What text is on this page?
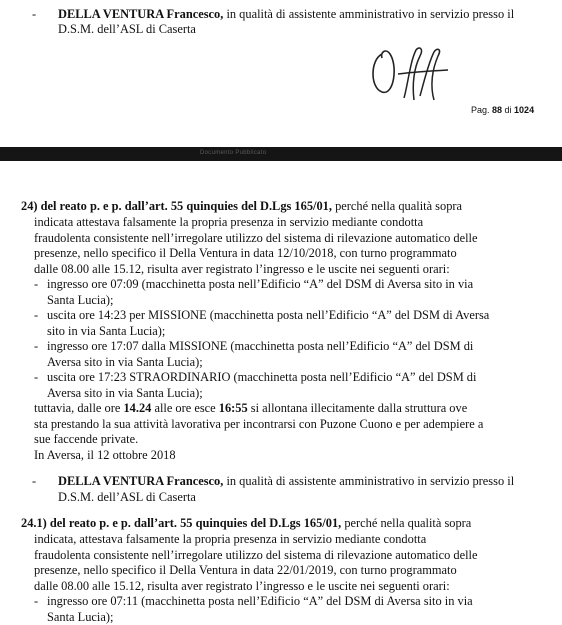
- DELLA VENTURA Francesco, in qualità di assistente amministrativo in servizio presso il
D.S.M. dell’ASL di Caserta
Pag. 88 di 1024
Documento Pubblicato
24) del reato p. e p. dall’art. 55 quinquies del D.Lgs 165/01, perché nella qualità sopra
indicata attestava falsamente la propria presenza in servizio mediante condotta
fraudolenta consistente nell’irregolare utilizzo del sistema di rilevazione automatico delle
presenze, nello specifico il Della Ventura in data 12/10/2018, con turno programmato
dalle 08.00 alle 15.12, risulta aver registrato l’ingresso e le uscite nei seguenti orari:
- ingresso ore 07:09 (macchinetta posta nell’Edificio “A” del DSM di Aversa sito in via
Santa Lucia);
- uscita ore 14:23 per MISSIONE (macchinetta posta nell’Edificio “A” del DSM di Aversa
sito in via Santa Lucia);
- ingresso ore 17:07 dalla MISSIONE (macchinetta posta nell’Edificio “A” del DSM di
Aversa sito in via Santa Lucia);
- uscita ore 17:23 STRAORDINARIO (macchinetta posta nell’Edificio “A” del DSM di
Aversa sito in via Santa Lucia);
tuttavia, dalle ore 14.24 alle ore esce 16:55 si allontana illecitamente dalla struttura ove
sta prestando la sua attività lavorativa per incontrarsi con Puzone Cuono e per adempiere a
sue faccende private.
In Aversa, il 12 ottobre 2018
- DELLA VENTURA Francesco, in qualità di assistente amministrativo in servizio presso il
D.S.M. dell’ASL di Caserta
24.1) del reato p. e p. dall’art. 55 quinquies del D.Lgs 165/01, perché nella qualità sopra
indicata, attestava falsamente la propria presenza in servizio mediante condotta
fraudolenta consistente nell’irregolare utilizzo del sistema di rilevazione automatico delle
presenze, nello specifico il Della Ventura in data 22/01/2019, con turno programmato
dalle 08.00 alle 15.12, risulta aver registrato l’ingresso e le uscite nei seguenti orari:
- ingresso ore 07:11 (macchinetta posta nell’Edificio “A” del DSM di Aversa sito in via
Santa Lucia);
